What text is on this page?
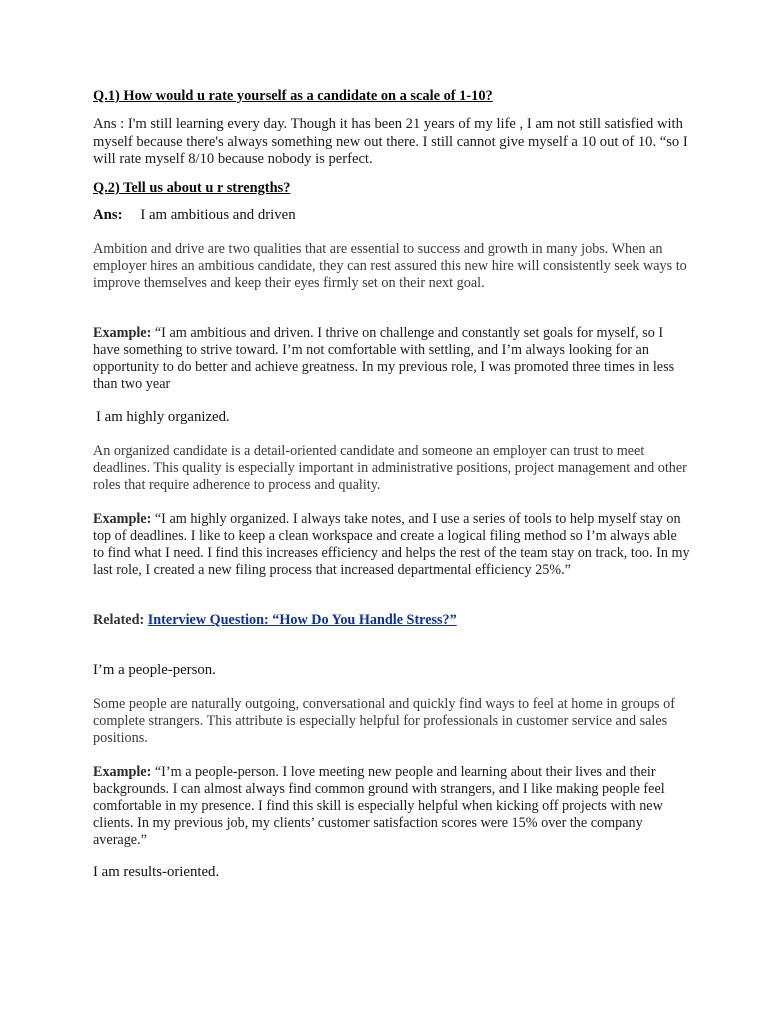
Q.1) How would u rate yourself as a candidate on a scale of 1-10?

Ans : I'm still learning every day. Though it has been 21 years of my life , I am not still satisfied with myself because there's always something new out there. I still cannot give myself a 10 out of 10. “so I will rate myself 8/10 because nobody is perfect.

Q.2) Tell us about u r strengths?

Ans: I am ambitious and driven

Ambition and drive are two qualities that are essential to success and growth in many jobs. When an employer hires an ambitious candidate, they can rest assured this new hire will consistently seek ways to improve themselves and keep their eyes firmly set on their next goal.

Example: “I am ambitious and driven. I thrive on challenge and constantly set goals for myself, so I have something to strive toward. I’m not comfortable with settling, and I’m always looking for an opportunity to do better and achieve greatness. In my previous role, I was promoted three times in less than two year

I am highly organized.

An organized candidate is a detail-oriented candidate and someone an employer can trust to meet deadlines. This quality is especially important in administrative positions, project management and other roles that require adherence to process and quality.

Example: “I am highly organized. I always take notes, and I use a series of tools to help myself stay on top of deadlines. I like to keep a clean workspace and create a logical filing method so I’m always able to find what I need. I find this increases efficiency and helps the rest of the team stay on track, too. In my last role, I created a new filing process that increased departmental efficiency 25%.”

Related: Interview Question: “How Do You Handle Stress?”

I’m a people-person.

Some people are naturally outgoing, conversational and quickly find ways to feel at home in groups of complete strangers. This attribute is especially helpful for professionals in customer service and sales positions.

Example: “I’m a people-person. I love meeting new people and learning about their lives and their backgrounds. I can almost always find common ground with strangers, and I like making people feel comfortable in my presence. I find this skill is especially helpful when kicking off projects with new clients. In my previous job, my clients’ customer satisfaction scores were 15% over the company average.”

I am results-oriented.
